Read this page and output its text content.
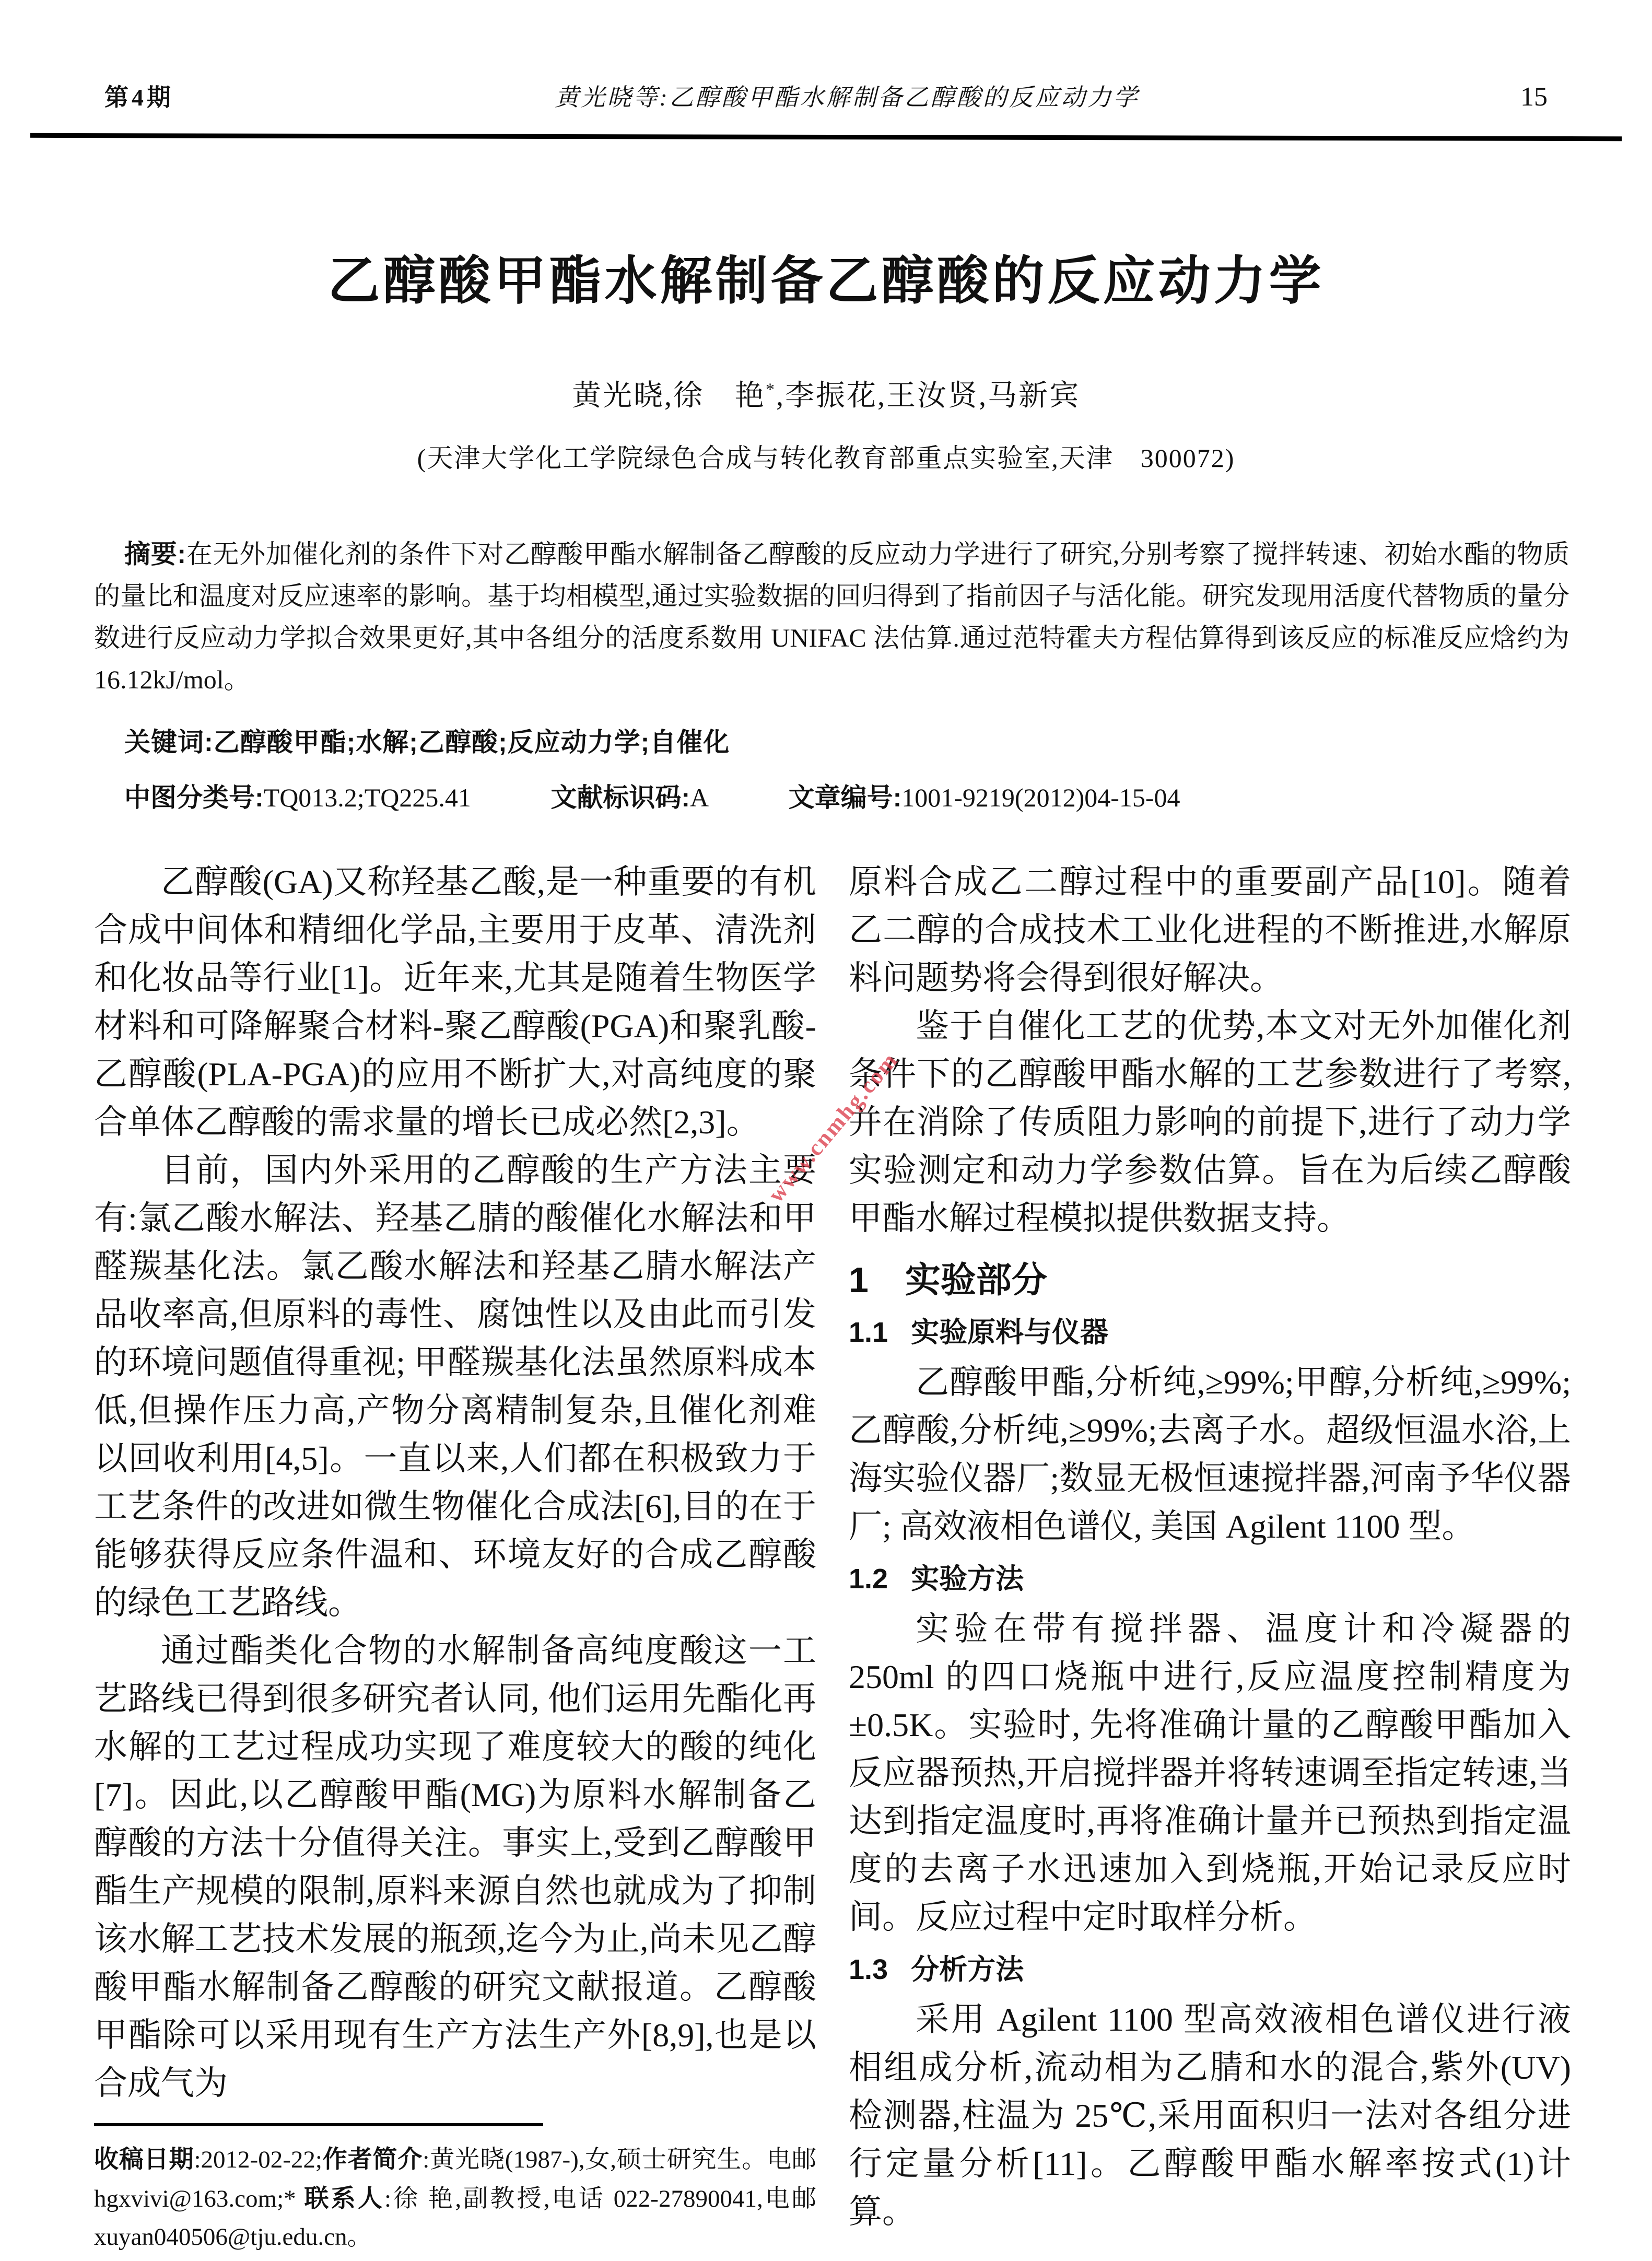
第4期	黄光晓等:乙醇酸甲酯水解制备乙醇酸的反应动力学	15
乙醇酸甲酯水解制备乙醇酸的反应动力学
黄光晓,徐　艳*,李振花,王汝贤,马新宾
(天津大学化工学院绿色合成与转化教育部重点实验室,天津　300072)
摘要:在无外加催化剂的条件下对乙醇酸甲酯水解制备乙醇酸的反应动力学进行了研究,分别考察了搅拌转速、初始水酯的物质的量比和温度对反应速率的影响。基于均相模型,通过实验数据的回归得到了指前因子与活化能。研究发现用活度代替物质的量分数进行反应动力学拟合效果更好,其中各组分的活度系数用 UNIFAC 法估算.通过范特霍夫方程估算得到该反应的标准反应焓约为 16.12kJ/mol。
关键词:乙醇酸甲酯;水解;乙醇酸;反应动力学;自催化
中图分类号:TQ013.2;TQ225.41	文献标识码:A	文章编号:1001-9219(2012)04-15-04

乙醇酸(GA)又称羟基乙酸,是一种重要的有机合成中间体和精细化学品,主要用于皮革、清洗剂和化妆品等行业[1]。近年来,尤其是随着生物医学材料和可降解聚合材料-聚乙醇酸(PGA)和聚乳酸-乙醇酸(PLA-PGA)的应用不断扩大,对高纯度的聚合单体乙醇酸的需求量的增长已成必然[2,3]。

目前，国内外采用的乙醇酸的生产方法主要有:氯乙酸水解法、羟基乙腈的酸催化水解法和甲醛羰基化法。氯乙酸水解法和羟基乙腈水解法产品收率高,但原料的毒性、腐蚀性以及由此而引发的环境问题值得重视; 甲醛羰基化法虽然原料成本低,但操作压力高,产物分离精制复杂,且催化剂难以回收利用[4,5]。一直以来,人们都在积极致力于工艺条件的改进如微生物催化合成法[6],目的在于能够获得反应条件温和、环境友好的合成乙醇酸的绿色工艺路线。

通过酯类化合物的水解制备高纯度酸这一工艺路线已得到很多研究者认同, 他们运用先酯化再水解的工艺过程成功实现了难度较大的酸的纯化[7]。因此,以乙醇酸甲酯(MG)为原料水解制备乙醇酸的方法十分值得关注。事实上,受到乙醇酸甲酯生产规模的限制,原料来源自然也就成为了抑制该水解工艺技术发展的瓶颈,迄今为止,尚未见乙醇酸甲酯水解制备乙醇酸的研究文献报道。乙醇酸甲酯除可以采用现有生产方法生产外[8,9],也是以合成气为

收稿日期:2012-02-22;作者简介:黄光晓(1987-),女,硕士研究生。电邮 hgxvivi@163.com;* 联系人:徐 艳,副教授,电话 022-27890041,电邮 xuyan040506@tju.edu.cn。

原料合成乙二醇过程中的重要副产品[10]。随着乙二醇的合成技术工业化进程的不断推进,水解原料问题势将会得到很好解决。

鉴于自催化工艺的优势,本文对无外加催化剂条件下的乙醇酸甲酯水解的工艺参数进行了考察,并在消除了传质阻力影响的前提下,进行了动力学实验测定和动力学参数估算。旨在为后续乙醇酸甲酯水解过程模拟提供数据支持。

1 实验部分
1.1 实验原料与仪器

乙醇酸甲酯,分析纯,≥99%;甲醇,分析纯,≥99%;乙醇酸,分析纯,≥99%;去离子水。超级恒温水浴,上海实验仪器厂;数显无极恒速搅拌器,河南予华仪器厂; 高效液相色谱仪, 美国 Agilent 1100 型。

1.2 实验方法

实验在带有搅拌器、温度计和冷凝器的 250ml 的四口烧瓶中进行,反应温度控制精度为±0.5K。实验时, 先将准确计量的乙醇酸甲酯加入反应器预热,开启搅拌器并将转速调至指定转速,当达到指定温度时,再将准确计量并已预热到指定温度的去离子水迅速加入到烧瓶,开始记录反应时间。反应过程中定时取样分析。

1.3 分析方法

采用 Agilent 1100 型高效液相色谱仪进行液相组成分析,流动相为乙腈和水的混合,紫外(UV)检测器,柱温为 25℃,采用面积归一法对各组分进行定量分析[11]。乙醇酸甲酯水解率按式(1)计算。

www.cnmhg.com
